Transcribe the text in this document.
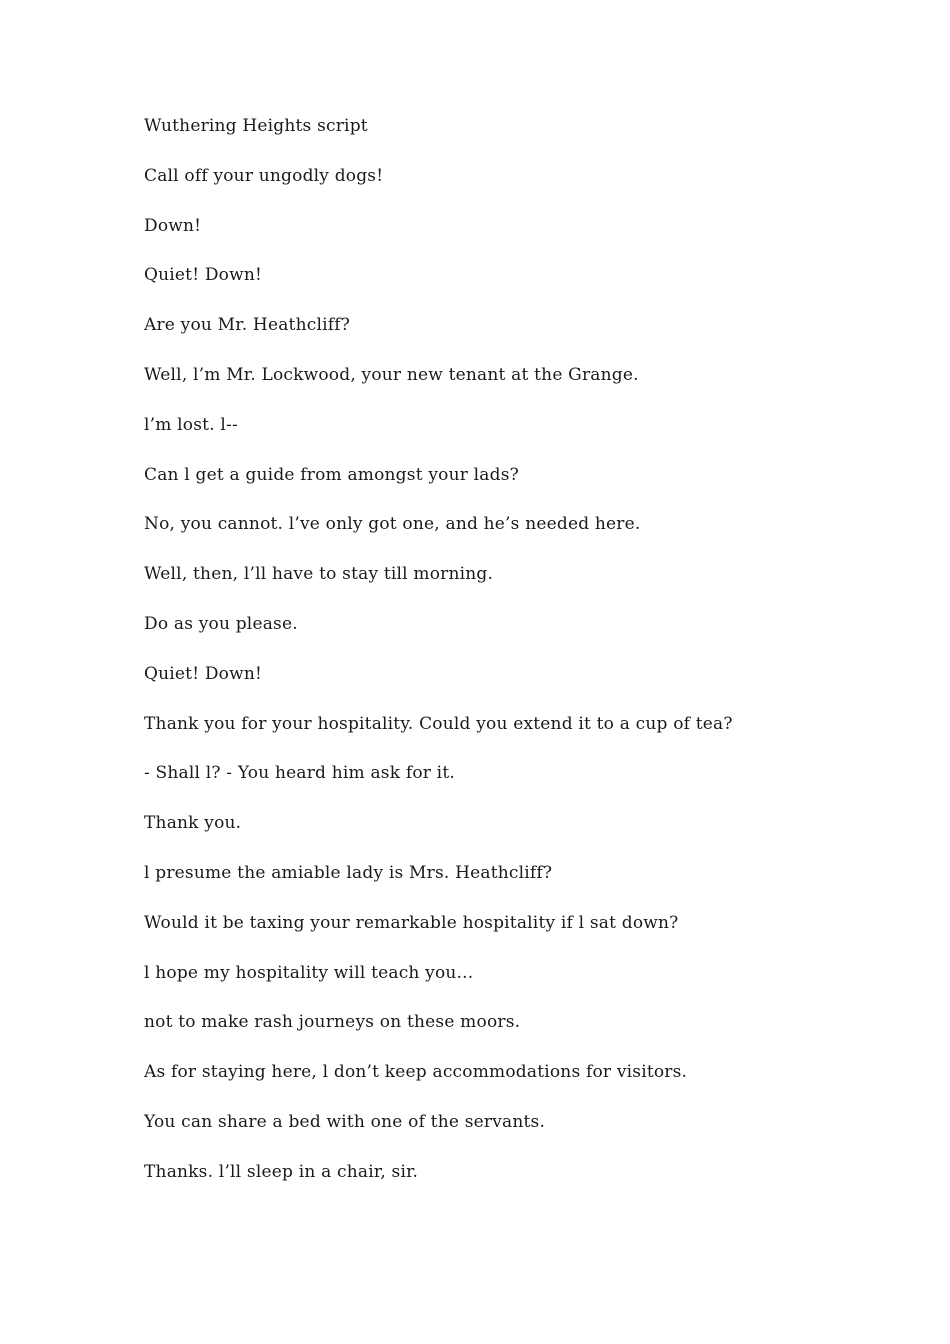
Wuthering Heights script

Call off your ungodly dogs!

Down!

Quiet! Down!

Are you Mr. Heathcliff?

Well, l’m Mr. Lockwood, your new tenant at the Grange.

l’m lost. l--

Can l get a guide from amongst your lads?

No, you cannot. l’ve only got one, and he’s needed here.

Well, then, l’ll have to stay till morning.

Do as you please.

Quiet! Down!

Thank you for your hospitality. Could you extend it to a cup of tea?

- Shall l? - You heard him ask for it.

Thank you.

l presume the amiable lady is Mrs. Heathcliff?

Would it be taxing your remarkable hospitality if l sat down?

l hope my hospitality will teach you...

not to make rash journeys on these moors.

As for staying here, l don’t keep accommodations for visitors.

You can share a bed with one of the servants.

Thanks. l’ll sleep in a chair, sir.
